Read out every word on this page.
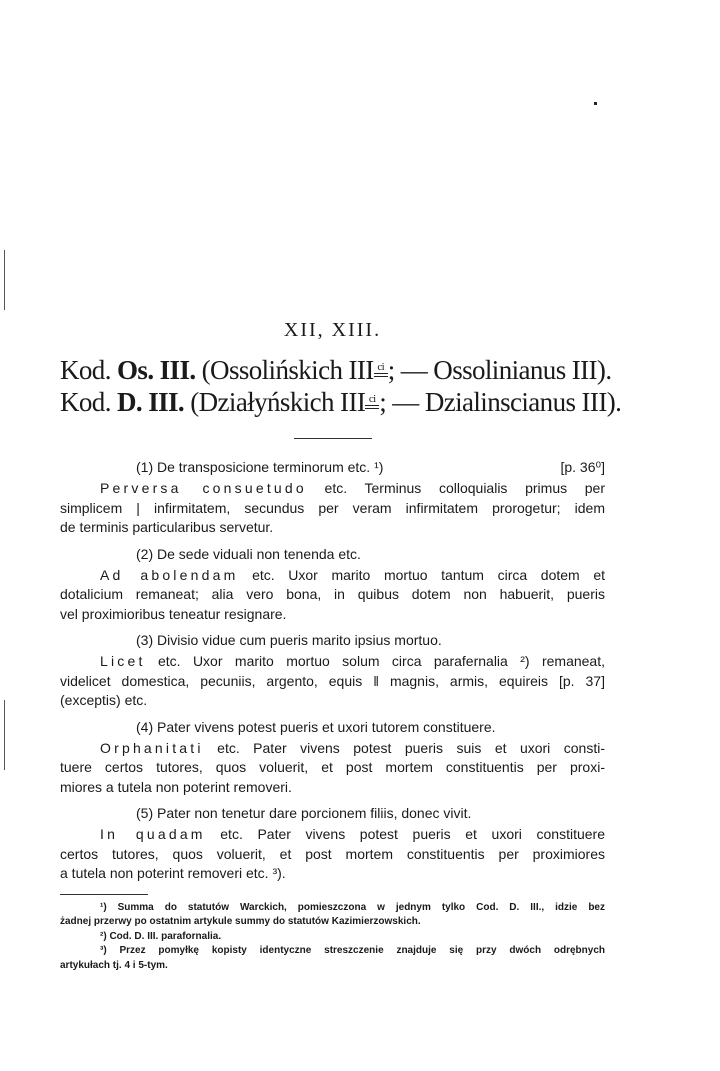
XII, XIII.
Kod. Os. III. (Ossolińskich III ci ; — Ossolinianus III).
Kod. D. III. (Działyńskich III ci ; — Dzialinscianus III).
(1) De transposicione terminorum etc. ¹)	[p. 36⁰]
Perversa consuetudo etc. Terminus colloquialis primus per
simplicem | infirmitatem, secundus per veram infirmitatem prorogetur; idem
de terminis particularibus servetur.
(2) De sede viduali non tenenda etc.
Ad abolendam etc. Uxor marito mortuo tantum circa dotem et
dotalicium remaneat; alia vero bona, in quibus dotem non habuerit, pueris
vel proximioribus teneatur resignare.
(3) Divisio vidue cum pueris marito ipsius mortuo.
Licet etc. Uxor marito mortuo solum circa parafernalia ²) remaneat,
videlicet domestica, pecuniis, argento, equis ‖ magnis, armis, equireis [p. 37]
(exceptis) etc.
(4) Pater vivens potest pueris et uxori tutorem constituere.
Orphanitati etc. Pater vivens potest pueris suis et uxori consti-
tuere certos tutores, quos voluerit, et post mortem constituentis per proxi-
miores a tutela non poterint removeri.
(5) Pater non tenetur dare porcionem filiis, donec vivit.
In quadam etc. Pater vivens potest pueris et uxori constituere
certos tutores, quos voluerit, et post mortem constituentis per proximiores
a tutela non poterint removeri etc. ³).
¹) Summa do statutów Warckich, pomieszczona w jednym tylko Cod. D. III., idzie bez
żadnej przerwy po ostatnim artykule summy do statutów Kazimierzowskich.
²) Cod. D. III. parafornalia.
³) Przez pomyłkę kopisty identyczne streszczenie znajduje się przy dwóch odrębnych
artykułach tj. 4 i 5-tym.
